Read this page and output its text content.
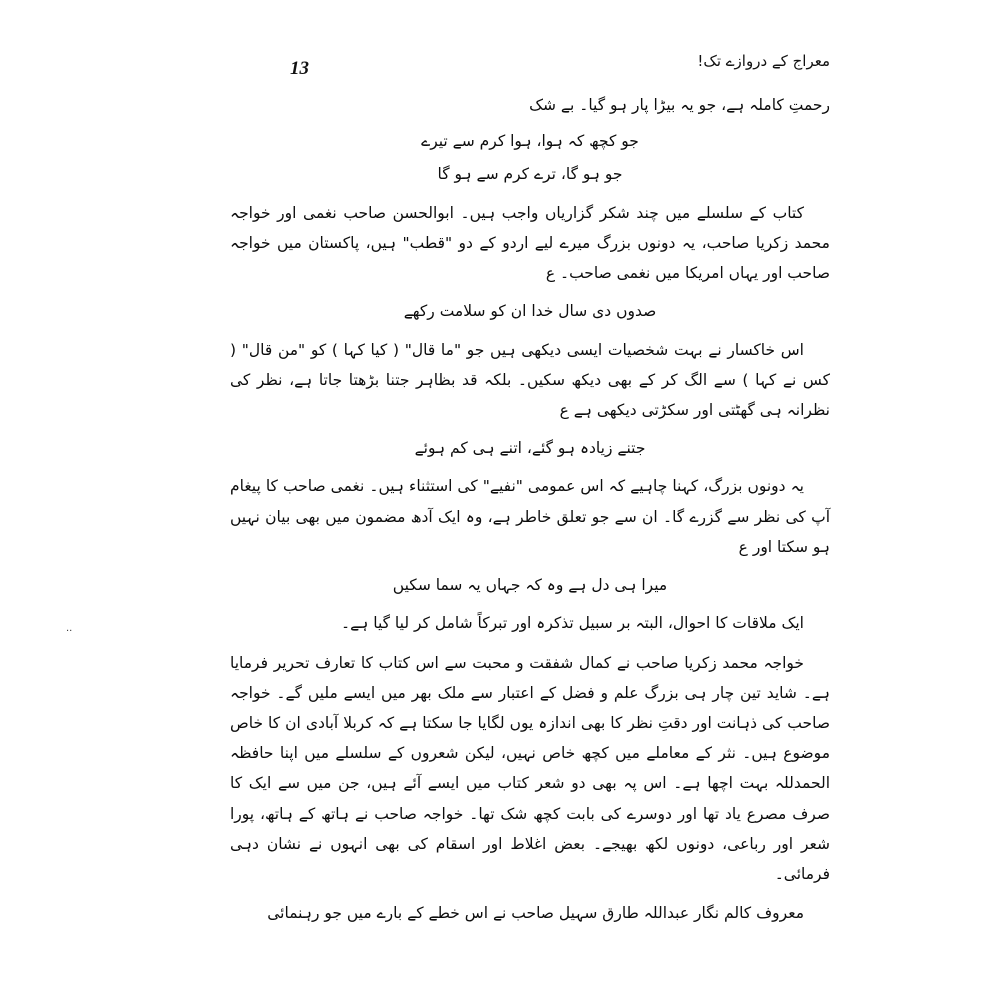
13	معراج کے دروازے تک!

رحمتِ کاملہ ہے، جو یہ بیڑا پار ہو گیا۔ بے شک

جو کچھ کہ ہوا، ہوا کرم سے تیرے
جو ہو گا، ترے کرم سے ہو گا

کتاب کے سلسلے میں چند شکر گزاریاں واجب ہیں۔ ابوالحسن صاحب نغمی اور خواجہ محمد زکریا صاحب، یہ دونوں بزرگ میرے لیے اردو کے دو "قطب" ہیں، پاکستان میں خواجہ صاحب اور یہاں امریکا میں نغمی صاحب۔ ع

صدوں دی سال خدا ان کو سلامت رکھے

اس خاکسار نے بہت شخصیات ایسی دیکھی ہیں جو "ما قال" ( کیا کہا ) کو "من قال" ( کس نے کہا ) سے الگ کر کے بھی دیکھ سکیں۔ بلکہ قد بظاہر جتنا بڑھتا جاتا ہے، نظر کی نظرانہ ہی گھٹتی اور سکڑتی دیکھی ہے ع

جتنے زیادہ ہو گئے، اتنے ہی کم ہوئے

یہ دونوں بزرگ، کہنا چاہیے کہ اس عمومی "نفیے" کی استثناء ہیں۔ نغمی صاحب کا پیغام آپ کی نظر سے گزرے گا۔ ان سے جو تعلق خاطر ہے، وہ ایک آدھ مضمون میں بھی بیان نہیں ہو سکتا اور ع

میرا ہی دل ہے وہ کہ جہاں یہ سما سکیں

ایک ملاقات کا احوال، البتہ بر سبیل تذکرہ اور تبرکاً شامل کر لیا گیا ہے۔

خواجہ محمد زکریا صاحب نے کمال شفقت و محبت سے اس کتاب کا تعارف تحریر فرمایا ہے۔ شاید تین چار ہی بزرگ علم و فضل کے اعتبار سے ملک بھر میں ایسے ملیں گے۔ خواجہ صاحب کی ذہانت اور دقتِ نظر کا بھی اندازہ یوں لگایا جا سکتا ہے کہ کربلا آبادی ان کا خاص موضوع ہیں۔ نثر کے معاملے میں کچھ خاص نہیں، لیکن شعروں کے سلسلے میں اپنا حافظہ الحمدللہ بہت اچھا ہے۔ اس پہ بھی دو شعر کتاب میں ایسے آئے ہیں، جن میں سے ایک کا صرف مصرع یاد تھا اور دوسرے کی بابت کچھ شک تھا۔ خواجہ صاحب نے ہاتھ کے ہاتھ، پورا شعر اور رباعی، دونوں لکھ بھیجے۔ بعض اغلاط اور اسقام کی بھی انہوں نے نشان دہی فرمائی۔

معروف کالم نگار عبداللہ طارق سہیل صاحب نے اس خطے کے بارے میں جو رہنمائی

··
